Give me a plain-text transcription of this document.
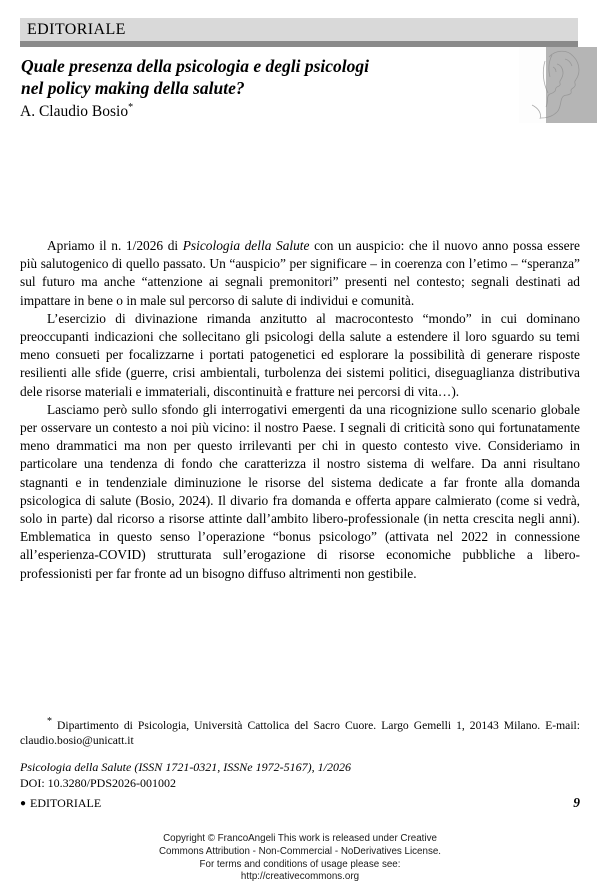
EDITORIALE
Quale presenza della psicologia e degli psicologi
nel policy making della salute?
A. Claudio Bosio*

Apriamo il n. 1/2026 di Psicologia della Salute con un auspicio: che il nuovo anno possa essere più salutogenico di quello passato. Un “auspicio” per significare – in coerenza con l’etimo – “speranza” sul futuro ma anche “attenzione ai segnali premonitori” presenti nel contesto; segnali destinati ad impattare in bene o in male sul percorso di salute di individui e comunità.

L’esercizio di divinazione rimanda anzitutto al macrocontesto “mondo” in cui dominano preoccupanti indicazioni che sollecitano gli psicologi della salute a estendere il loro sguardo su temi meno consueti per focalizzarne i portati patogenetici ed esplorare la possibilità di generare risposte resilienti alle sfide (guerre, crisi ambientali, turbolenza dei sistemi politici, diseguaglianza distributiva dele risorse materiali e immateriali, discontinuità e fratture nei percorsi di vita…).

Lasciamo però sullo sfondo gli interrogativi emergenti da una ricognizione sullo scenario globale per osservare un contesto a noi più vicino: il nostro Paese. I segnali di criticità sono qui fortunatamente meno drammatici ma non per questo irrilevanti per chi in questo contesto vive. Consideriamo in particolare una tendenza di fondo che caratterizza il nostro sistema di welfare. Da anni risultano stagnanti e in tendenziale diminuzione le risorse del sistema dedicate a far fronte alla domanda psicologica di salute (Bosio, 2024). Il divario fra domanda e offerta appare calmierato (come si vedrà, solo in parte) dal ricorso a risorse attinte dall’ambito libero-professionale (in netta crescita negli anni). Emblematica in questo senso l’operazione “bonus psicologo” (attivata nel 2022 in connessione all’esperienza-COVID) strutturata sull’erogazione di risorse economiche pubbliche a libero-professionisti per far fronte ad un bisogno diffuso altrimenti non gestibile.

* Dipartimento di Psicologia, Università Cattolica del Sacro Cuore. Largo Gemelli 1, 20143 Milano. E-mail: claudio.bosio@unicatt.it
Psicologia della Salute (ISSN 1721-0321, ISSNe 1972-5167), 1/2026
DOI: 10.3280/PDS2026-001002
● EDITORIALE	9
Copyright © FrancoAngeli This work is released under Creative
Commons Attribution - Non-Commercial - NoDerivatives License.
For terms and conditions of usage please see:
http://creativecommons.org
